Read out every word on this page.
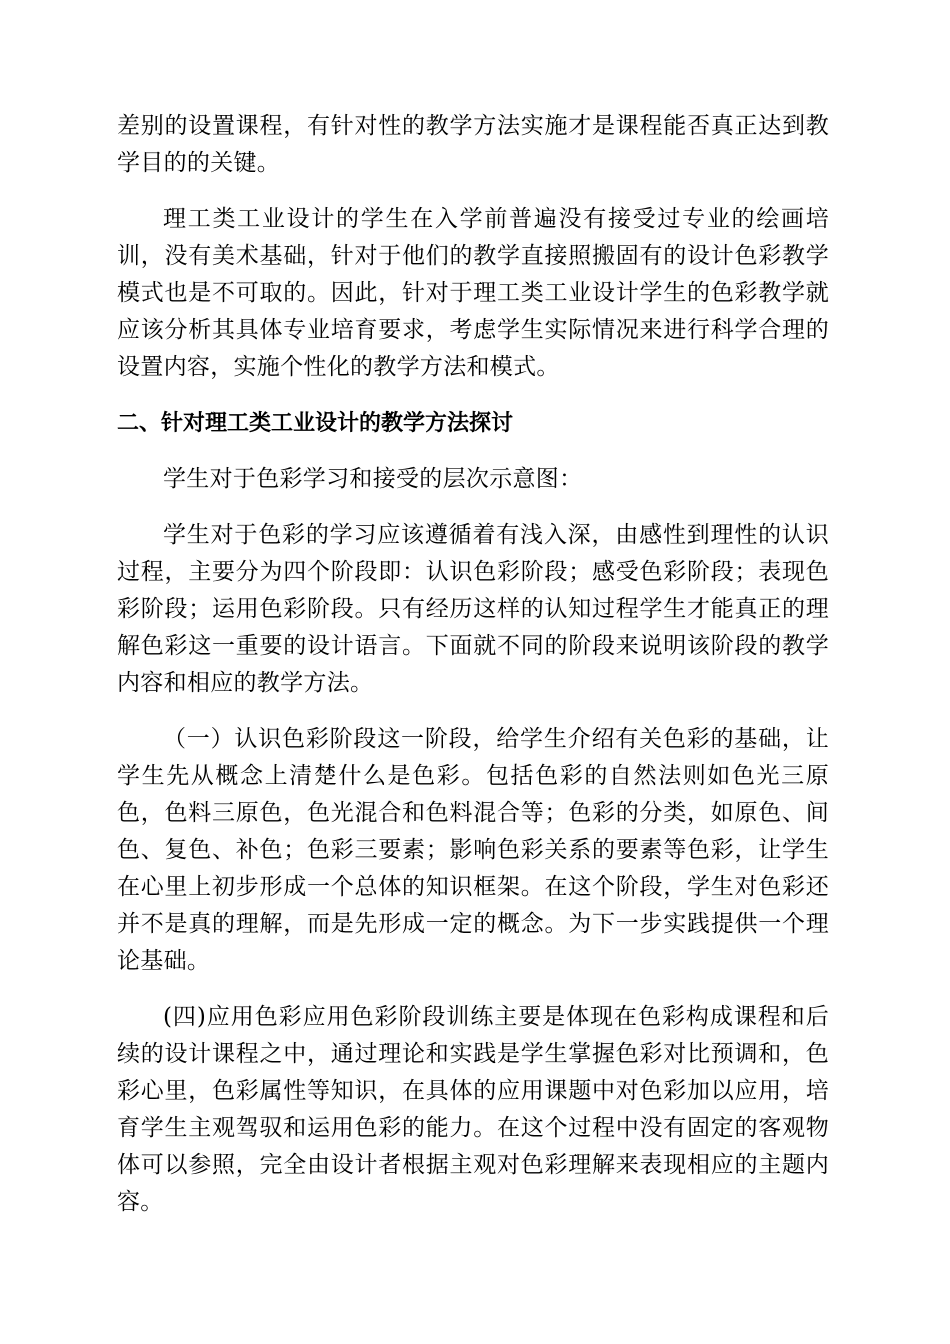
差别的设置课程，有针对性的教学方法实施才是课程能否真正达到教学目的的关键。

理工类工业设计的学生在入学前普遍没有接受过专业的绘画培训，没有美术基础，针对于他们的教学直接照搬固有的设计色彩教学模式也是不可取的。因此，针对于理工类工业设计学生的色彩教学就应该分析其具体专业培育要求，考虑学生实际情况来进行科学合理的设置内容，实施个性化的教学方法和模式。

二、针对理工类工业设计的教学方法探讨

学生对于色彩学习和接受的层次示意图：

学生对于色彩的学习应该遵循着有浅入深，由感性到理性的认识过程，主要分为四个阶段即：认识色彩阶段；感受色彩阶段；表现色彩阶段；运用色彩阶段。只有经历这样的认知过程学生才能真正的理解色彩这一重要的设计语言。下面就不同的阶段来说明该阶段的教学内容和相应的教学方法。

（一）认识色彩阶段这一阶段，给学生介绍有关色彩的基础，让学生先从概念上清楚什么是色彩。包括色彩的自然法则如色光三原色，色料三原色，色光混合和色料混合等；色彩的分类，如原色、间色、复色、补色；色彩三要素；影响色彩关系的要素等色彩，让学生在心里上初步形成一个总体的知识框架。在这个阶段，学生对色彩还并不是真的理解，而是先形成一定的概念。为下一步实践提供一个理论基础。

(四)应用色彩应用色彩阶段训练主要是体现在色彩构成课程和后续的设计课程之中，通过理论和实践是学生掌握色彩对比预调和，色彩心里，色彩属性等知识，在具体的应用课题中对色彩加以应用，培育学生主观驾驭和运用色彩的能力。在这个过程中没有固定的客观物体可以参照，完全由设计者根据主观对色彩理解来表现相应的主题内容。
